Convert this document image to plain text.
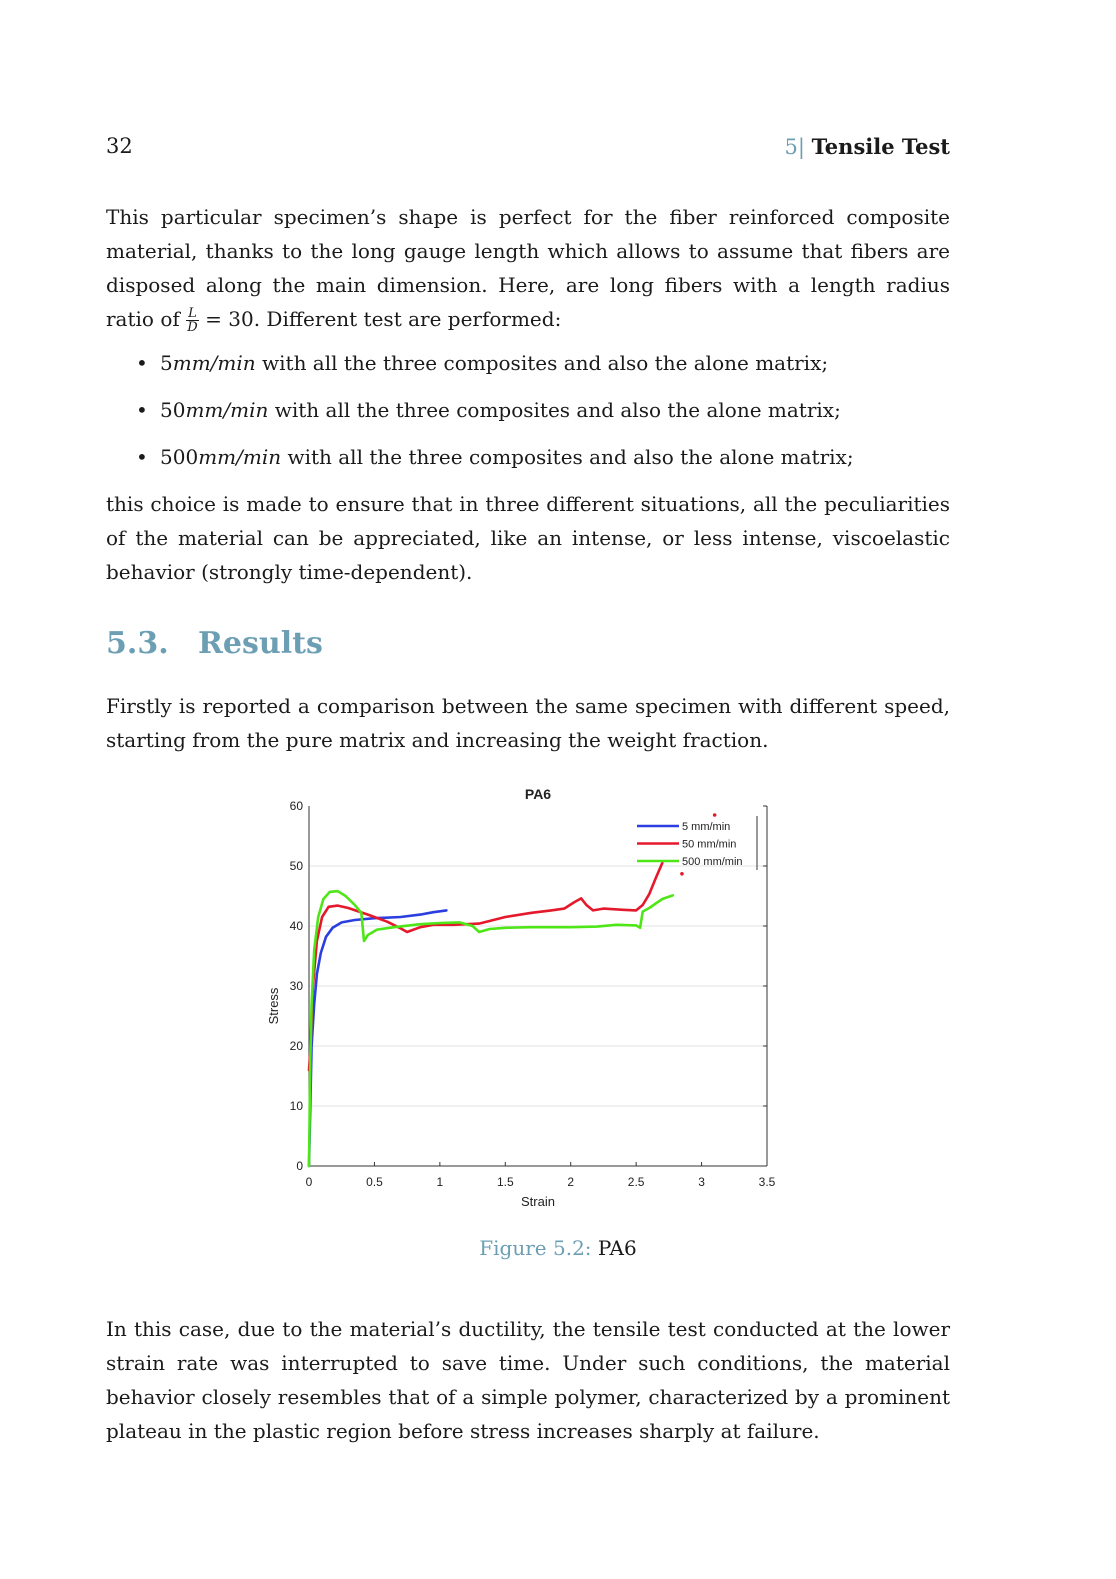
32	5| Tensile Test

This particular specimen’s shape is perfect for the fiber reinforced composite material, thanks to the long gauge length which allows to assume that fibers are disposed along the main dimension. Here, are long fibers with a length radius ratio of $\frac{L}{D} = 30$. Different test are performed:

• 5mm/min with all the three composites and also the alone matrix;
• 50mm/min with all the three composites and also the alone matrix;
• 500mm/min with all the three composites and also the alone matrix;

this choice is made to ensure that in three different situations, all the peculiarities of the material can be appreciated, like an intense, or less intense, viscoelastic behavior (strongly time-dependent).

5.3. Results

Firstly is reported a comparison between the same specimen with different speed, starting from the pure matrix and increasing the weight fraction.

0
10
20
30
40
50
60
0	0.5	1	1.5	2	2.5	3	3.5
PA6
Strain
Stress
5 mm/min
50 mm/min
500 mm/min
Figure 5.2: PA6

In this case, due to the material’s ductility, the tensile test conducted at the lower strain rate was interrupted to save time. Under such conditions, the material behavior closely resembles that of a simple polymer, characterized by a prominent plateau in the plastic region before stress increases sharply at failure.
